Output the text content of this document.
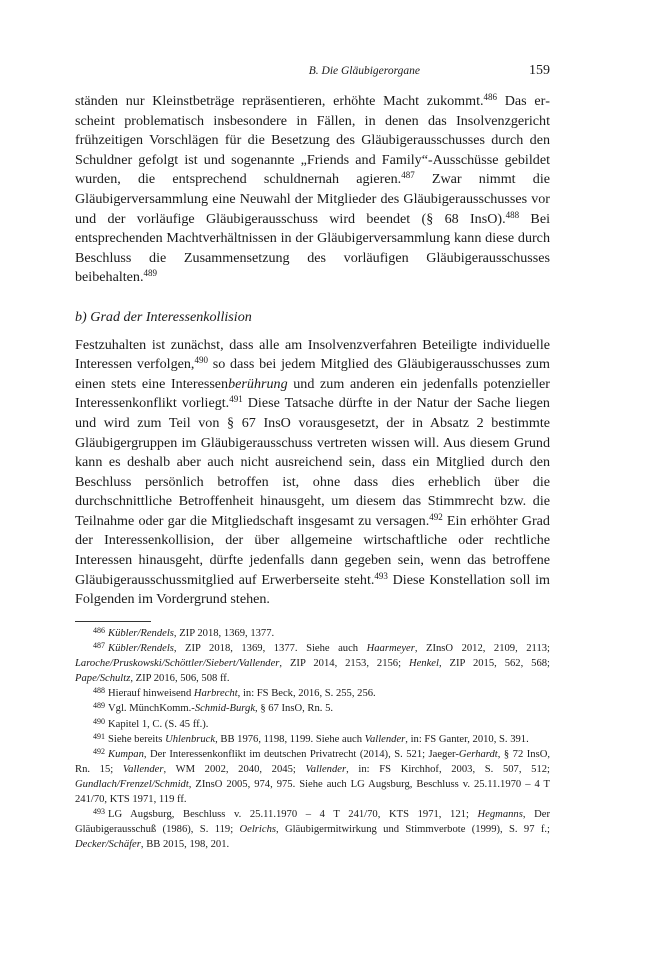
B. Die Gläubigerorgane	159

ständen nur Kleinstbeträge repräsentieren, erhöhte Macht zukommt.$^{486}$ Das erscheint problematisch insbesondere in Fällen, in denen das Insolvenzgericht frühzeitigen Vorschlägen für die Besetzung des Gläubigerausschusses durch den Schuldner gefolgt ist und sogenannte „Friends and Family“-Ausschüsse gebildet wurden, die entsprechend schuldnernah agieren.$^{487}$ Zwar nimmt die Gläubigerversammlung eine Neuwahl der Mitglieder des Gläubigerausschusses vor und der vorläufige Gläubigerausschuss wird beendet (§ 68 InsO).$^{488}$ Bei entsprechenden Machtverhältnissen in der Gläubigerversammlung kann diese durch Beschluss die Zusammensetzung des vorläufigen Gläubigerausschusses beibehalten.$^{489}$

b) Grad der Interessenkollision

Festzuhalten ist zunächst, dass alle am Insolvenzverfahren Beteiligte individuelle Interessen verfolgen,$^{490}$ so dass bei jedem Mitglied des Gläubigerausschusses zum einen stets eine Interessenberührung und zum anderen ein jedenfalls potenzieller Interessenkonflikt vorliegt.$^{491}$ Diese Tatsache dürfte in der Natur der Sache liegen und wird zum Teil von § 67 InsO vorausgesetzt, der in Absatz 2 bestimmte Gläubigergruppen im Gläubigerausschuss vertreten wissen will. Aus diesem Grund kann es deshalb aber auch nicht ausreichend sein, dass ein Mitglied durch den Beschluss persönlich betroffen ist, ohne dass dies erheblich über die durchschnittliche Betroffenheit hinausgeht, um diesem das Stimmrecht bzw. die Teilnahme oder gar die Mitgliedschaft insgesamt zu versagen.$^{492}$ Ein erhöhter Grad der Interessenkollision, der über allgemeine wirtschaftliche oder rechtliche Interessen hinausgeht, dürfte jedenfalls dann gegeben sein, wenn das betroffene Gläubigerausschussmitglied auf Erwerberseite steht.$^{493}$ Diese Konstellation soll im Folgenden im Vordergrund stehen.

$^{486}$ Kübler/Rendels, ZIP 2018, 1369, 1377.

$^{487}$ Kübler/Rendels, ZIP 2018, 1369, 1377. Siehe auch Haarmeyer, ZInsO 2012, 2109, 2113; Laroche/Pruskowski/Schöttler/Siebert/Vallender, ZIP 2014, 2153, 2156; Henkel, ZIP 2015, 562, 568; Pape/Schultz, ZIP 2016, 506, 508 ff.

$^{488}$ Hierauf hinweisend Harbrecht, in: FS Beck, 2016, S. 255, 256.

$^{489}$ Vgl. MünchKomm.-Schmid-Burgk, § 67 InsO, Rn. 5.

$^{490}$ Kapitel 1, C. (S. 45 ff.).

$^{491}$ Siehe bereits Uhlenbruck, BB 1976, 1198, 1199. Siehe auch Vallender, in: FS Ganter, 2010, S. 391.

$^{492}$ Kumpan, Der Interessenkonflikt im deutschen Privatrecht (2014), S. 521; Jaeger-Gerhardt, § 72 InsO, Rn. 15; Vallender, WM 2002, 2040, 2045; Vallender, in: FS Kirchhof, 2003, S. 507, 512; Gundlach/Frenzel/Schmidt, ZInsO 2005, 974, 975. Siehe auch LG Augsburg, Beschluss v. 25.11.1970 – 4 T 241/70, KTS 1971, 119 ff.

$^{493}$ LG Augsburg, Beschluss v. 25.11.1970 – 4 T 241/70, KTS 1971, 121; Hegmanns, Der Gläubigerausschuß (1986), S. 119; Oelrichs, Gläubigermitwirkung und Stimmverbote (1999), S. 97 f.; Decker/Schäfer, BB 2015, 198, 201.
